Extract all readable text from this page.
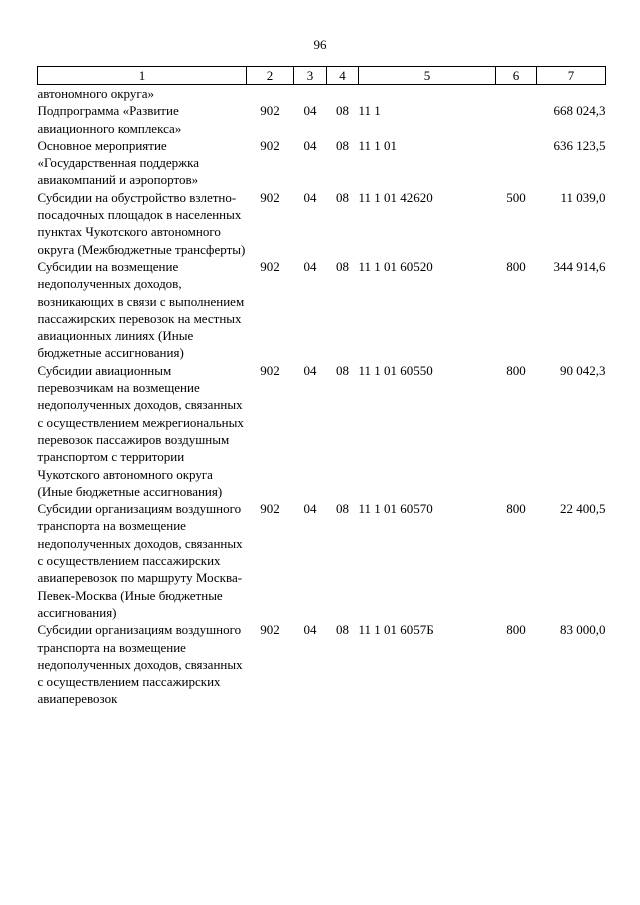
96
1	2	3	4	5	6	7
автономного округа»						
Подпрограмма «Развитие авиационного комплекса»	902	04	08	11 1		668 024,3
Основное мероприятие «Государственная поддержка авиакомпаний и аэропортов»	902	04	08	11 1 01		636 123,5
Субсидии на обустройство взлетно-посадочных площадок в населенных пунктах Чукотского автономного округа (Межбюджетные трансферты)	902	04	08	11 1 01 42620	500	11 039,0
Субсидии на возмещение недополученных доходов, возникающих в связи с выполнением пассажирских перевозок на местных авиационных линиях (Иные бюджетные ассигнования)	902	04	08	11 1 01 60520	800	344 914,6
Субсидии авиационным перевозчикам на возмещение недополученных доходов, связанных с осуществлением межрегиональных перевозок пассажиров воздушным транспортом с территории Чукотского автономного округа (Иные бюджетные ассигнования)	902	04	08	11 1 01 60550	800	90 042,3
Субсидии организациям воздушного транспорта на возмещение недополученных доходов, связанных с осуществлением пассажирских авиаперевозок по маршруту Москва-Певек-Москва (Иные бюджетные ассигнования)	902	04	08	11 1 01 60570	800	22 400,5
Субсидии организациям воздушного транспорта на возмещение недополученных доходов, связанных с осуществлением пассажирских авиаперевозок	902	04	08	11 1 01 6057Б	800	83 000,0
